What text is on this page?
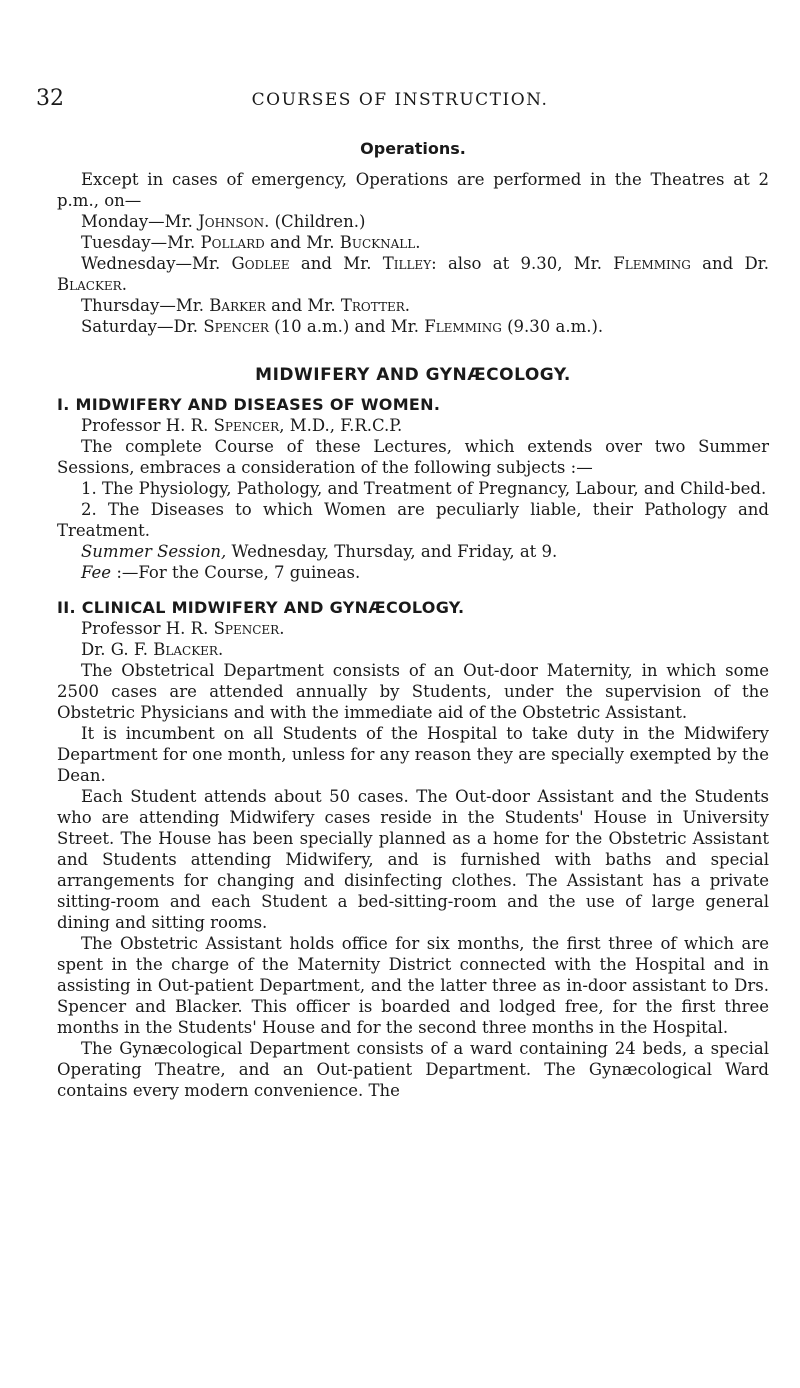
32	COURSES OF INSTRUCTION.
Operations.

Except in cases of emergency, Operations are performed in the Theatres at 2 p.m., on—

Monday—Mr. Johnson. (Children.)

Tuesday—Mr. Pollard and Mr. Bucknall.

Wednesday—Mr. Godlee and Mr. Tilley: also at 9.30, Mr. Flemming and Dr. Blacker.

Thursday—Mr. Barker and Mr. Trotter.

Saturday—Dr. Spencer (10 a.m.) and Mr. Flemming (9.30 a.m.).

MIDWIFERY AND GYNÆCOLOGY.
I. MIDWIFERY AND DISEASES OF WOMEN.

Professor H. R. Spencer, M.D., F.R.C.P.

The complete Course of these Lectures, which extends over two Summer Sessions, embraces a consideration of the following subjects :—

1. The Physiology, Pathology, and Treatment of Pregnancy, Labour, and Child-bed.

2. The Diseases to which Women are peculiarly liable, their Pathology and Treatment.

Summer Session, Wednesday, Thursday, and Friday, at 9.

Fee :—For the Course, 7 guineas.

II. CLINICAL MIDWIFERY AND GYNÆCOLOGY.

Professor H. R. Spencer.

Dr. G. F. Blacker.

The Obstetrical Department consists of an Out-door Maternity, in which some 2500 cases are attended annually by Students, under the supervision of the Obstetric Physicians and with the immediate aid of the Obstetric Assistant.

It is incumbent on all Students of the Hospital to take duty in the Midwifery Department for one month, unless for any reason they are specially exempted by the Dean.

Each Student attends about 50 cases. The Out-door Assistant and the Students who are attending Midwifery cases reside in the Students' House in University Street. The House has been specially planned as a home for the Obstetric Assistant and Students attending Midwifery, and is furnished with baths and special arrangements for changing and disinfecting clothes. The Assistant has a private sitting-room and each Student a bed-sitting-room and the use of large general dining and sitting rooms.

The Obstetric Assistant holds office for six months, the first three of which are spent in the charge of the Maternity District connected with the Hospital and in assisting in Out-patient Department, and the latter three as in-door assistant to Drs. Spencer and Blacker. This officer is boarded and lodged free, for the first three months in the Students' House and for the second three months in the Hospital.

The Gynæcological Department consists of a ward containing 24 beds, a special Operating Theatre, and an Out-patient Department. The Gynæcological Ward contains every modern convenience. The
